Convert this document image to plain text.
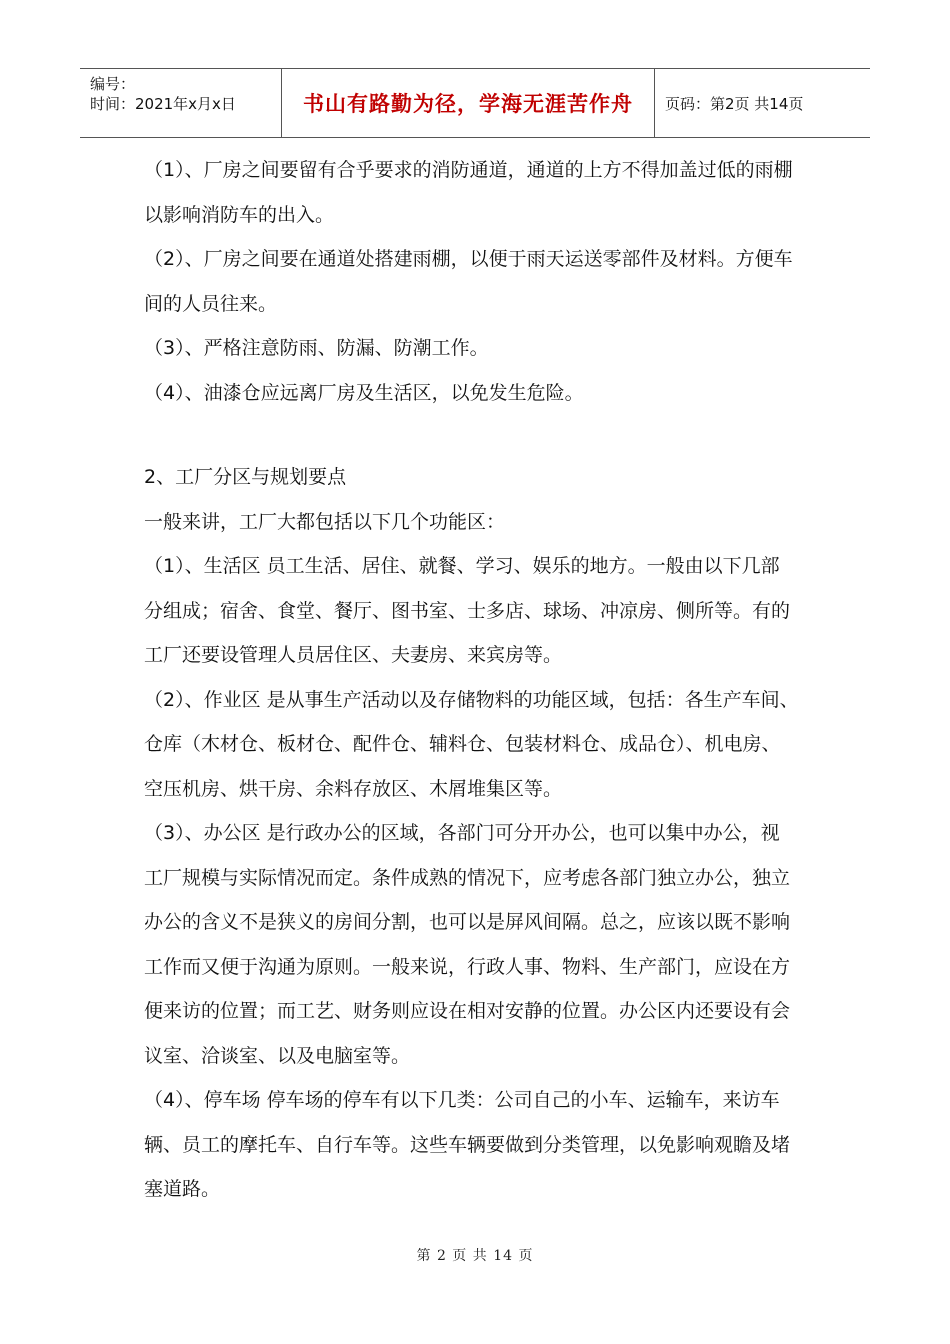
编号：
时间：2021年x月x日	书山有路勤为径，学海无涯苦作舟 页码：第2页 共14页

（1）、厂房之间要留有合乎要求的消防通道，通道的上方不得加盖过低的雨棚

以影响消防车的出入。

（2）、厂房之间要在通道处搭建雨棚，以便于雨天运送零部件及材料。方便车

间的人员往来。

（3）、严格注意防雨、防漏、防潮工作。

（4）、油漆仓应远离厂房及生活区，以免发生危险。

2、工厂分区与规划要点

一般来讲，工厂大都包括以下几个功能区：

（1）、生活区 员工生活、居住、就餐、学习、娱乐的地方。一般由以下几部

分组成；宿舍、食堂、餐厅、图书室、士多店、球场、冲凉房、侧所等。有的

工厂还要设管理人员居住区、夫妻房、来宾房等。

（2）、作业区 是从事生产活动以及存储物料的功能区域，包括：各生产车间、

仓库（木材仓、板材仓、配件仓、辅料仓、包装材料仓、成品仓）、机电房、

空压机房、烘干房、余料存放区、木屑堆集区等。

（3）、办公区 是行政办公的区域，各部门可分开办公，也可以集中办公，视

工厂规模与实际情况而定。条件成熟的情况下，应考虑各部门独立办公，独立

办公的含义不是狭义的房间分割，也可以是屏风间隔。总之，应该以既不影响

工作而又便于沟通为原则。一般来说，行政人事、物料、生产部门，应设在方

便来访的位置；而工艺、财务则应设在相对安静的位置。办公区内还要设有会

议室、洽谈室、以及电脑室等。

（4）、停车场 停车场的停车有以下几类：公司自己的小车、运输车，来访车

辆、员工的摩托车、自行车等。这些车辆要做到分类管理，以免影响观瞻及堵

塞道路。

第 2 页 共 14 页
